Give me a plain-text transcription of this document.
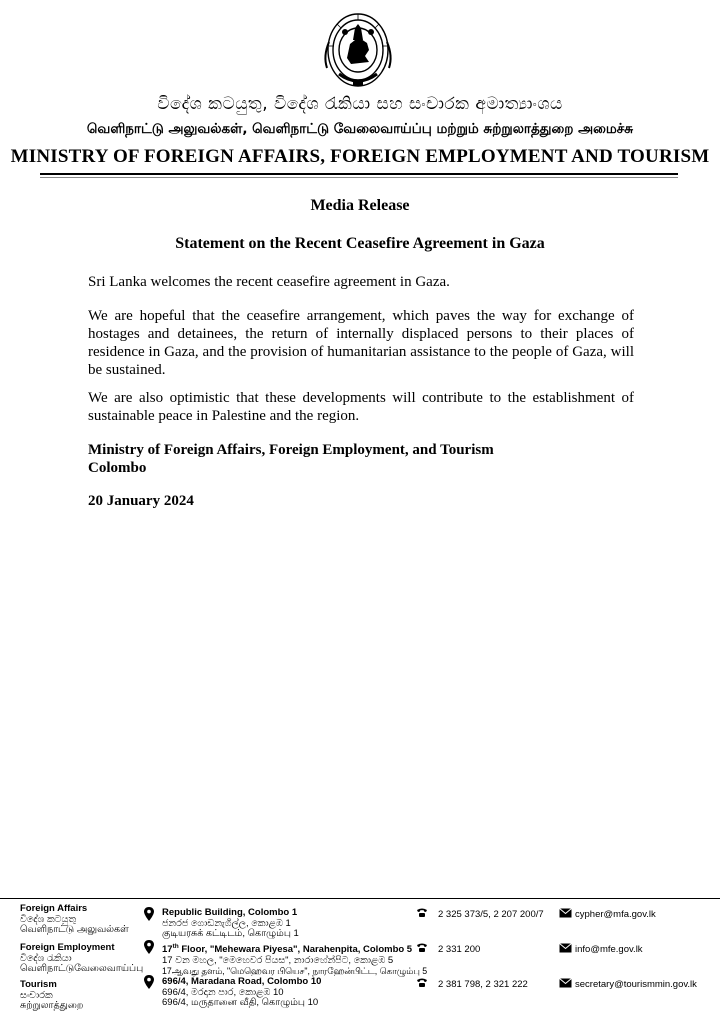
විදේශ කටයුතු, විදේශ රැකියා සහ සංචාරක අමාත්‍යාංශය
வெளிநாட்டு அலுவல்கள், வெளிநாட்டு வேலைவாய்ப்பு மற்றும் சுற்றுலாத்துறை அமைச்சு
MINISTRY OF FOREIGN AFFAIRS, FOREIGN EMPLOYMENT AND TOURISM
Media Release
Statement on the Recent Ceasefire Agreement in Gaza
Sri Lanka welcomes the recent ceasefire agreement in Gaza.
We are hopeful that the ceasefire arrangement, which paves the way for exchange of hostages and detainees, the return of internally displaced persons to their places of residence in Gaza, and the provision of humanitarian assistance to the people of Gaza, will be sustained.
We are also optimistic that these developments will contribute to the establishment of sustainable peace in Palestine and the region.
Ministry of Foreign Affairs, Foreign Employment, and Tourism
Colombo
20 January 2024
Foreign Affairs
විදේශ කටයුතු
வெளிநாட்டு அலுவல்கள்
Republic Building, Colombo 1
ජනරජ ගොඩනැගිල්ල, කොළඹ 1
குடியரசுக் கட்டிடம், கொழும்பு 1
2 325 373/5, 2 207 200/7	cypher@mfa.gov.lk
Foreign Employment
විදේශ රැකියා
வெளிநாட்டுவேலைவாய்ப்பு
17th Floor, "Mehewara Piyesa", Narahenpita, Colombo 5
17 වන මහල, "මෙහෙවර පියස", නාරාහේන්පිට, කොළඹ 5
17ஆவது தளம், "மெஹெவர பியெச", நாரஹேன்பிட்ட, கொழும்பு 5
2 331 200	info@mfe.gov.lk
Tourism
සංචාරක
சுற்றுலாத்துறை
696/4, Maradana Road, Colombo 10
696/4, මරදාන පාර, කොළඹ 10
696/4, மருதானை வீதி, கொழும்பு 10
2 381 798, 2 321 222	secretary@tourismmin.gov.lk
